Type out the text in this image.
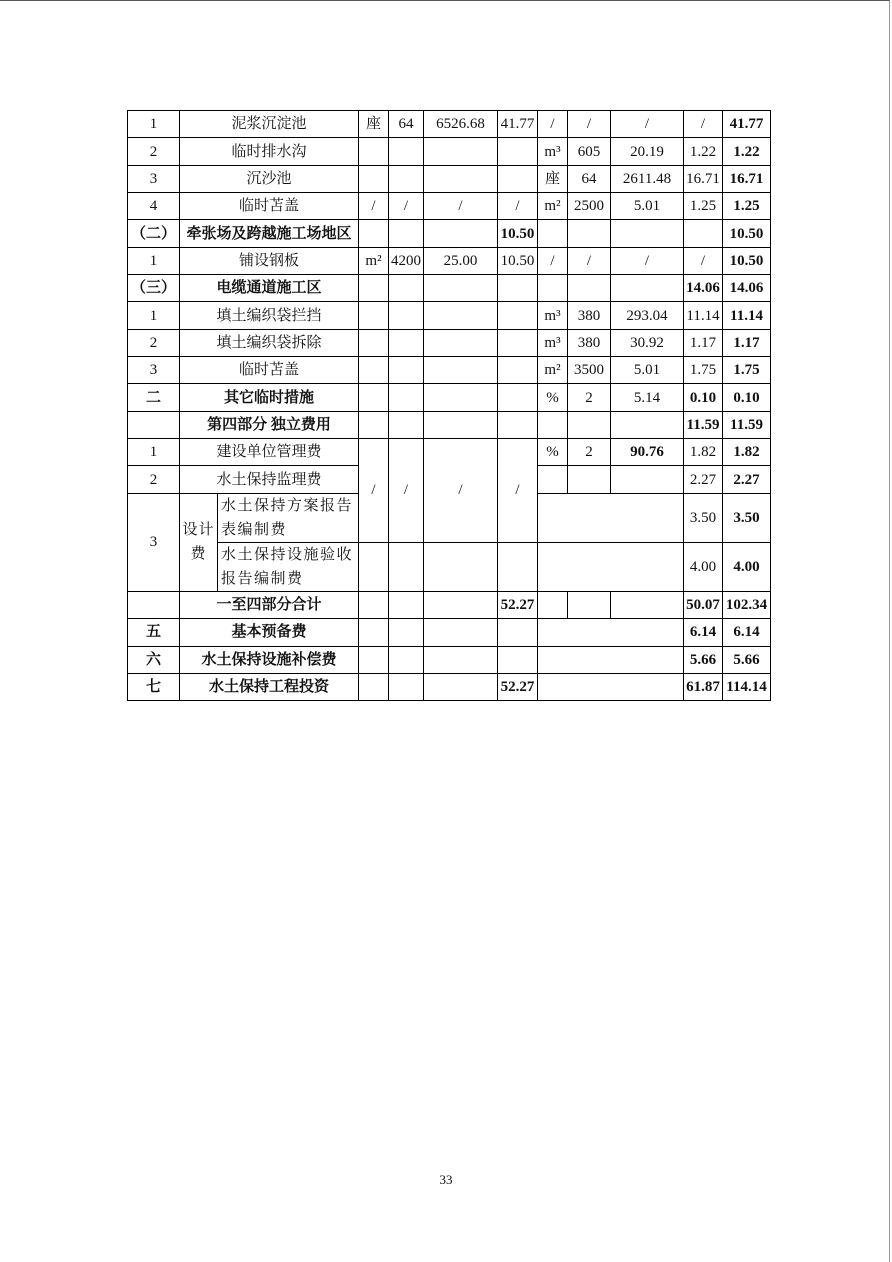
1	泥浆沉淀池		座	64	6526.68	41.77	/	/	/	/	41.77
2	临时排水沟						m³	605	20.19	1.22	1.22
3	沉沙池						座	64	2611.48	16.71	16.71
4	临时苫盖		/	/	/	/	m²	2500	5.01	1.25	1.25
（二）	牵张场及跨越施工场地区					10.50					10.50
1	铺设钢板		m²	4200	25.00	10.50	/	/	/	/	10.50
（三）	电缆通道施工区									14.06	14.06
1	填土编织袋拦挡						m³	380	293.04	11.14	11.14
2	填土编织袋拆除						m³	380	30.92	1.17	1.17
3	临时苫盖						m²	3500	5.01	1.75	1.75
二	其它临时措施						%	2	5.14	0.10	0.10
	第四部分 独立费用									11.59	11.59
1	建设单位管理费		/	/	/	/	%	2	90.76	1.82	1.82
2	水土保持监理费									2.27	2.27
3	设计费	水土保持方案报告表编制费								3.50	3.50
		水土保持设施验收报告编制费								4.00	4.00
	一至四部分合计					52.27				50.07	102.34
五	基本预备费									6.14	6.14
六	水土保持设施补偿费									5.66	5.66
七	水土保持工程投资					52.27				61.87	114.14
33
